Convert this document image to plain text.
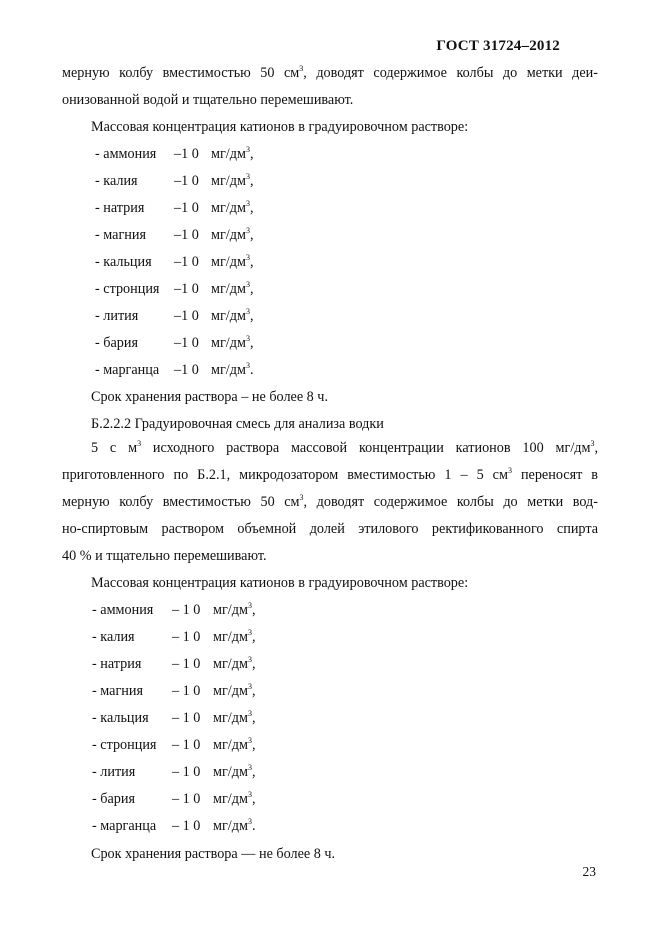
ГОСТ 31724–2012
мерную колбу вместимостью 50 $см^3$, доводят содержимое колбы до метки деи-
онизованной водой и тщательно перемешивают.
Массовая концентрация катионов в градуировочном растворе:
- аммония –1 0 $мг/дм^3$,
- калия	–1 0 $мг/дм^3$,
- натрия –1 0 $мг/дм^3$,
- магния –1 0 $мг/дм^3$,
- кальция –1 0 $мг/дм^3$,
- стронция –1 0 $мг/дм^3$,
- лития	–1 0 $мг/дм^3$,
- бария	–1 0 $мг/дм^3$,
- марганца –1 0 $мг/дм^3$.
Срок хранения раствора – не более 8 ч.
Б.2.2.2 Градуировочная смесь для анализа водки
5 с $м^3$ исходного раствора массовой концентрации катионов 100 $мг/дм^3$,
приготовленного по Б.2.1, микродозатором вместимостью 1 – 5 $см^3$ переносят в
мерную колбу вместимостью 50 $см^3$, доводят содержимое колбы до метки вод-
но-спиртовым раствором объемной долей этилового ректификованного спирта
40 % и тщательно перемешивают.
Массовая концентрация катионов в градуировочном растворе:
- аммония – 1 0 $мг/дм^3$,
- калия	– 1 0 $мг/дм^3$,
- натрия – 1 0 $мг/дм^3$,
- магния – 1 0 $мг/дм^3$,
- кальция – 1 0 $мг/дм^3$,
- стронция – 1 0 $мг/дм^3$,
- лития	– 1 0 $мг/дм^3$,
- бария	– 1 0 $мг/дм^3$,
- марганца – 1 0 $мг/дм^3$.
Срок хранения раствора — не более 8 ч.
23
